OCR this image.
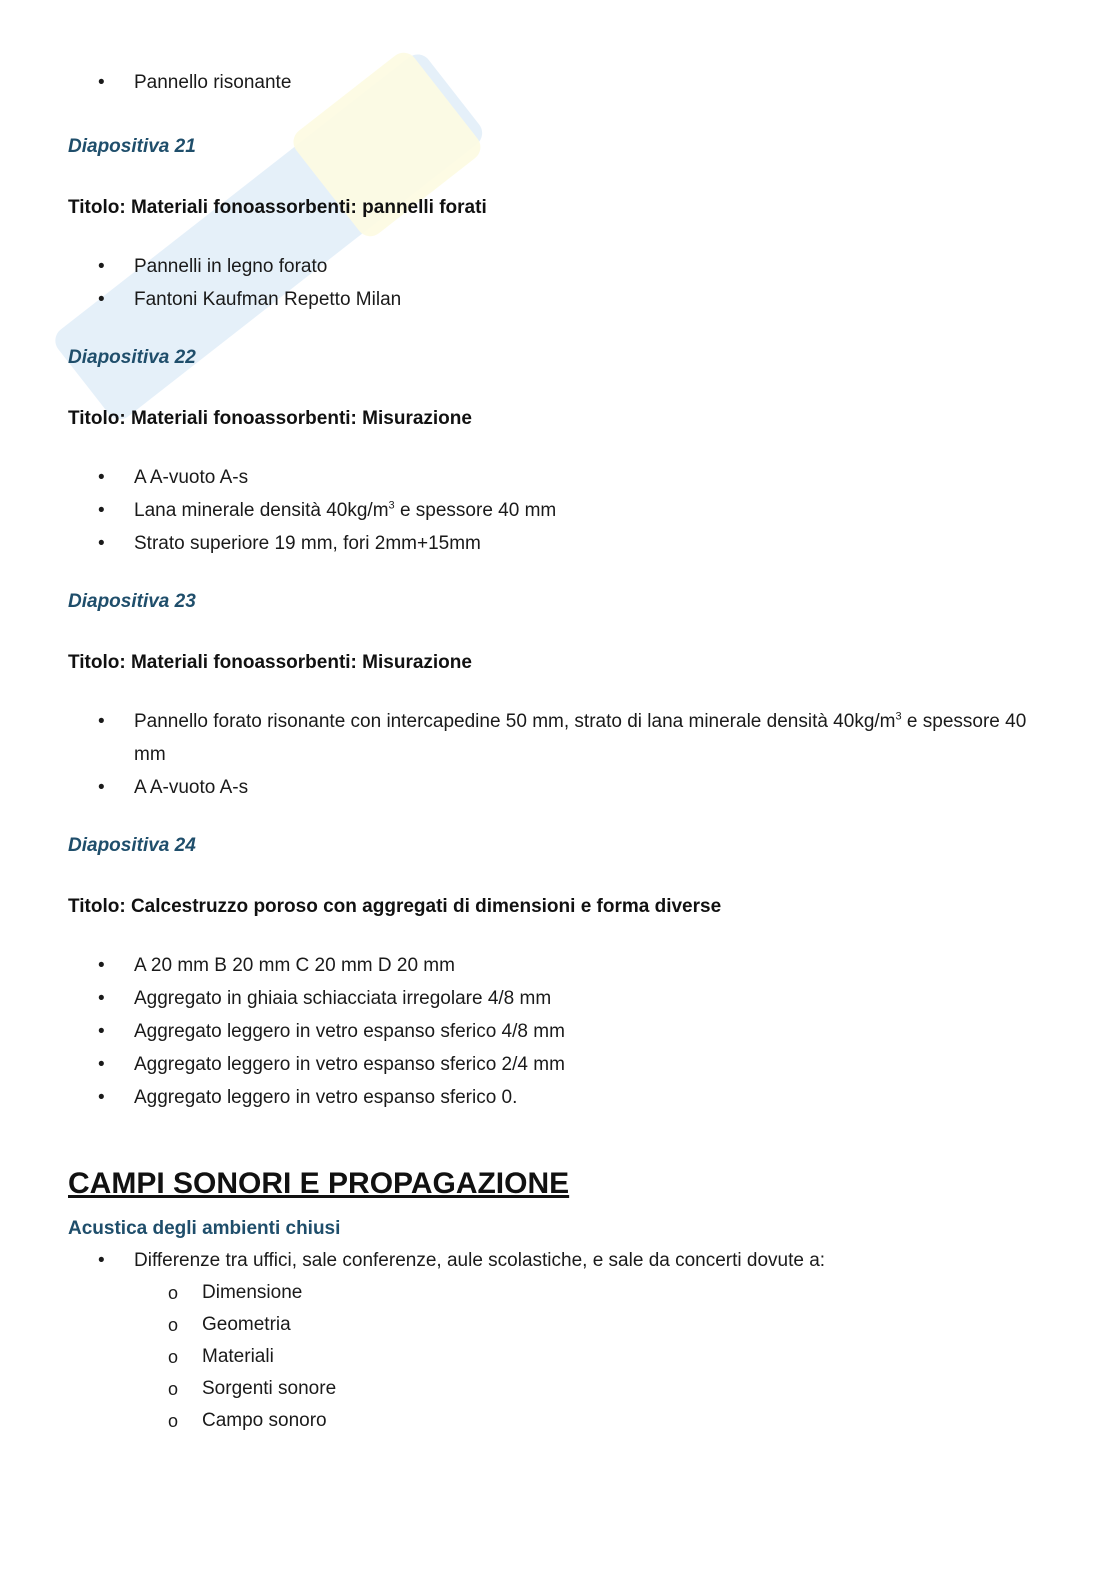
• Pannello risonante

Diapositiva 21

Titolo: Materiali fonoassorbenti: pannelli forati

• Pannelli in legno forato
• Fantoni Kaufman Repetto Milan

Diapositiva 22

Titolo: Materiali fonoassorbenti: Misurazione

• A A-vuoto A-s
• Lana minerale densità $40kg/m^3$ e spessore 40 mm
• Strato superiore 19 mm, fori 2mm+15mm

Diapositiva 23

Titolo: Materiali fonoassorbenti: Misurazione

• Pannello forato risonante con intercapedine 50 mm, strato di lana minerale densità $40kg/m^3$ e spessore 40 mm
• A A-vuoto A-s

Diapositiva 24

Titolo: Calcestruzzo poroso con aggregati di dimensioni e forma diverse

• A 20 mm B 20 mm C 20 mm D 20 mm
• Aggregato in ghiaia schiacciata irregolare 4/8 mm
• Aggregato leggero in vetro espanso sferico 4/8 mm
• Aggregato leggero in vetro espanso sferico 2/4 mm
• Aggregato leggero in vetro espanso sferico 0.
CAMPI SONORI E PROPAGAZIONE

Acustica degli ambienti chiusi

• Differenze tra uffici, sale conferenze, aule scolastiche, e sale da concerti dovute a:
o Dimensione
o Geometria
o Materiali
o Sorgenti sonore
o Campo sonoro
